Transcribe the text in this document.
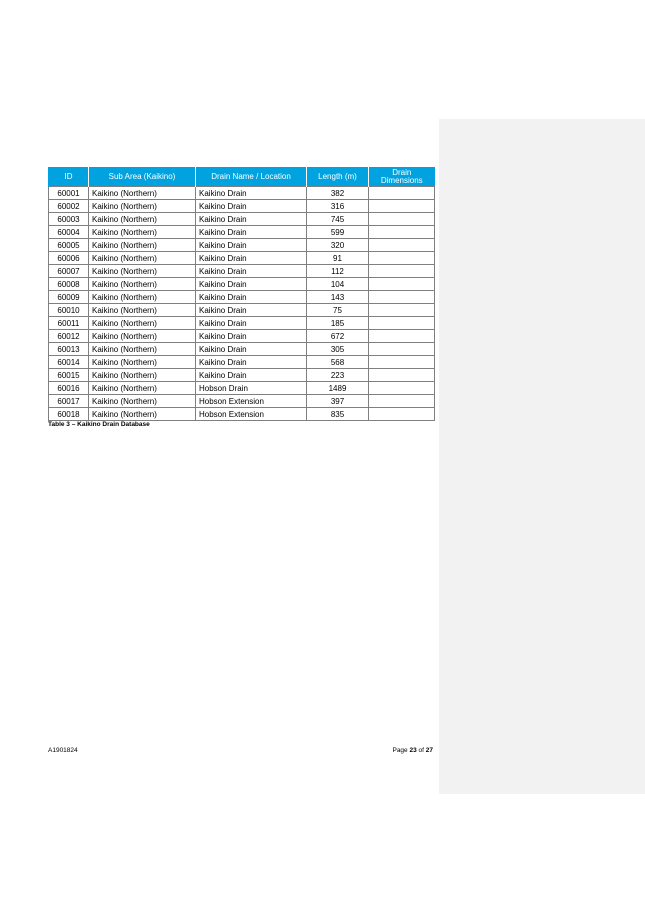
ID	Sub Area (Kaikino)	Drain Name / Location	Length (m)	Drain Dimensions
60001	Kaikino (Northern)	Kaikino Drain	382	
60002	Kaikino (Northern)	Kaikino Drain	316	
60003	Kaikino (Northern)	Kaikino Drain	745	
60004	Kaikino (Northern)	Kaikino Drain	599	
60005	Kaikino (Northern)	Kaikino Drain	320	
60006	Kaikino (Northern)	Kaikino Drain	91	
60007	Kaikino (Northern)	Kaikino Drain	112	
60008	Kaikino (Northern)	Kaikino Drain	104	
60009	Kaikino (Northern)	Kaikino Drain	143	
60010	Kaikino (Northern)	Kaikino Drain	75	
60011	Kaikino (Northern)	Kaikino Drain	185	
60012	Kaikino (Northern)	Kaikino Drain	672	
60013	Kaikino (Northern)	Kaikino Drain	305	
60014	Kaikino (Northern)	Kaikino Drain	568	
60015	Kaikino (Northern)	Kaikino Drain	223	
60016	Kaikino (Northern)	Hobson Drain	1489	
60017	Kaikino (Northern)	Hobson Extension	397	
60018	Kaikino (Northern)	Hobson Extension	835	
Table 3 – Kaikino Drain Database
A1901824	Page 23 of 27
